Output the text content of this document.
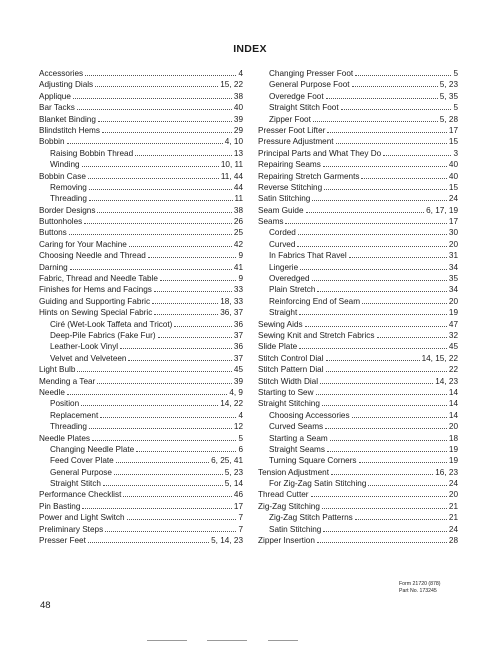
INDEX
Accessories	4
Adjusting Dials	15, 22
Applique	38
Bar Tacks	40
Blanket Binding	39
Blindstitch Hems	29
Bobbin	4, 10
Raising Bobbin Thread	13
Winding	10, 11
Bobbin Case	11, 44
Removing	44
Threading	11
Border Designs	38
Buttonholes	26
Buttons	25
Caring for Your Machine	42
Choosing Needle and Thread	9
Darning	41
Fabric, Thread and Needle Table	9
Finishes for Hems and Facings	33
Guiding and Supporting Fabric	18, 33
Hints on Sewing Special Fabric	36, 37
Ciré (Wet-Look Taffeta and Tricot)	36
Deep-Pile Fabrics (Fake Fur)	37
Leather-Look Vinyl	36
Velvet and Velveteen	37
Light Bulb	45
Mending a Tear	39
Needle	4, 9
Position	14, 22
Replacement	4
Threading	12
Needle Plates	5
Changing Needle Plate	6
Feed Cover Plate	6, 25, 41
General Purpose	5, 23
Straight Stitch	5, 14
Performance Checklist	46
Pin Basting	17
Power and Light Switch	7
Preliminary Steps	7
Presser Feet	5, 14, 23
Changing Presser Foot	5
General Purpose Foot	5, 23
Overedge Foot	5, 35
Straight Stitch Foot	5
Zipper Foot	5, 28
Presser Foot Lifter	17
Pressure Adjustment	15
Principal Parts and What They Do	3
Repairing Seams	40
Repairing Stretch Garments	40
Reverse Stitching	15
Satin Stitching	24
Seam Guide	6, 17, 19
Seams	17
Corded	30
Curved	20
In Fabrics That Ravel	31
Lingerie	34
Overedged	35
Plain Stretch	34
Reinforcing End of Seam	20
Straight	19
Sewing Aids	47
Sewing Knit and Stretch Fabrics	32
Slide Plate	45
Stitch Control Dial	14, 15, 22
Stitch Pattern Dial	22
Stitch Width Dial	14, 23
Starting to Sew	14
Straight Stitching	14
Choosing Accessories	14
Curved Seams	20
Starting a Seam	18
Straight Seams	19
Turning Square Corners	19
Tension Adjustment	16, 23
For Zig-Zag Satin Stitching	24
Thread Cutter	20
Zig-Zag Stitching	21
Zig-Zag Stitch Patterns	21
Satin Stitching	24
Zipper Insertion	28
Form 21720 (878)
Part No. 173245
48
